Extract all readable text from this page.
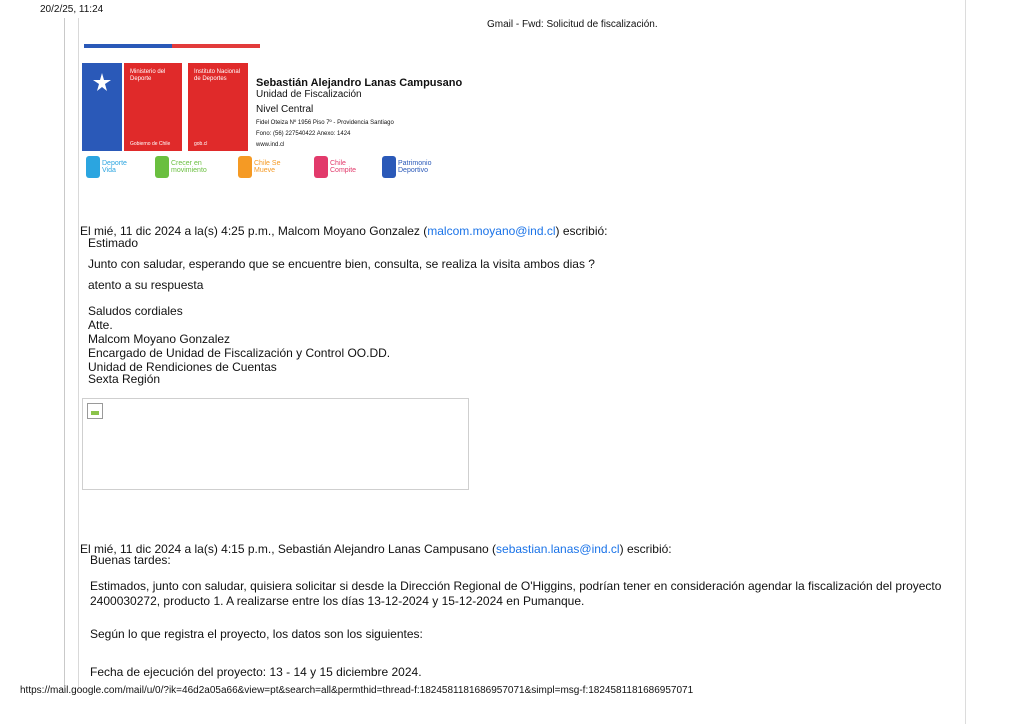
20/2/25, 11:24
Gmail - Fwd: Solicitud de fiscalización.
Ministerio del Deporte
Gobierno de Chile
Instituto Nacional de Deportes
gob.cl
Sebastián Alejandro Lanas Campusano
Unidad de Fiscalización
Nivel Central
Fidel Oteiza Nº 1956 Piso 7º - Providencia Santiago
Fono: (56) 227540422 Anexo: 1424
www.ind.cl
Deporte Vida
Crecer en movimiento
Chile Se Mueve
Chile Compite
Patrimonio Deportivo
El mié, 11 dic 2024 a la(s) 4:25 p.m., Malcom Moyano Gonzalez (malcom.moyano@ind.cl) escribió:
Estimado
Junto con saludar, esperando que se encuentre bien, consulta, se realiza la visita ambos dias ?
atento a su respuesta
Saludos cordiales
Atte.
Malcom Moyano Gonzalez
Encargado de Unidad de Fiscalización y Control OO.DD.
Unidad de Rendiciones de Cuentas
Sexta Región
El mié, 11 dic 2024 a la(s) 4:15 p.m., Sebastián Alejandro Lanas Campusano (sebastian.lanas@ind.cl) escribió:
Buenas tardes:
Estimados, junto con saludar, quisiera solicitar si desde la Dirección Regional de O'Higgins, podrían tener en consideración agendar la fiscalización del proyecto
2400030272, producto 1. A realizarse entre los días 13-12-2024 y 15-12-2024 en Pumanque.
Según lo que registra el proyecto, los datos son los siguientes:
Fecha de ejecución del proyecto: 13 - 14 y 15 diciembre 2024.
https://mail.google.com/mail/u/0/?ik=46d2a05a66&view=pt&search=all&permthid=thread-f:1824581181686957071&simpl=msg-f:1824581181686957071
